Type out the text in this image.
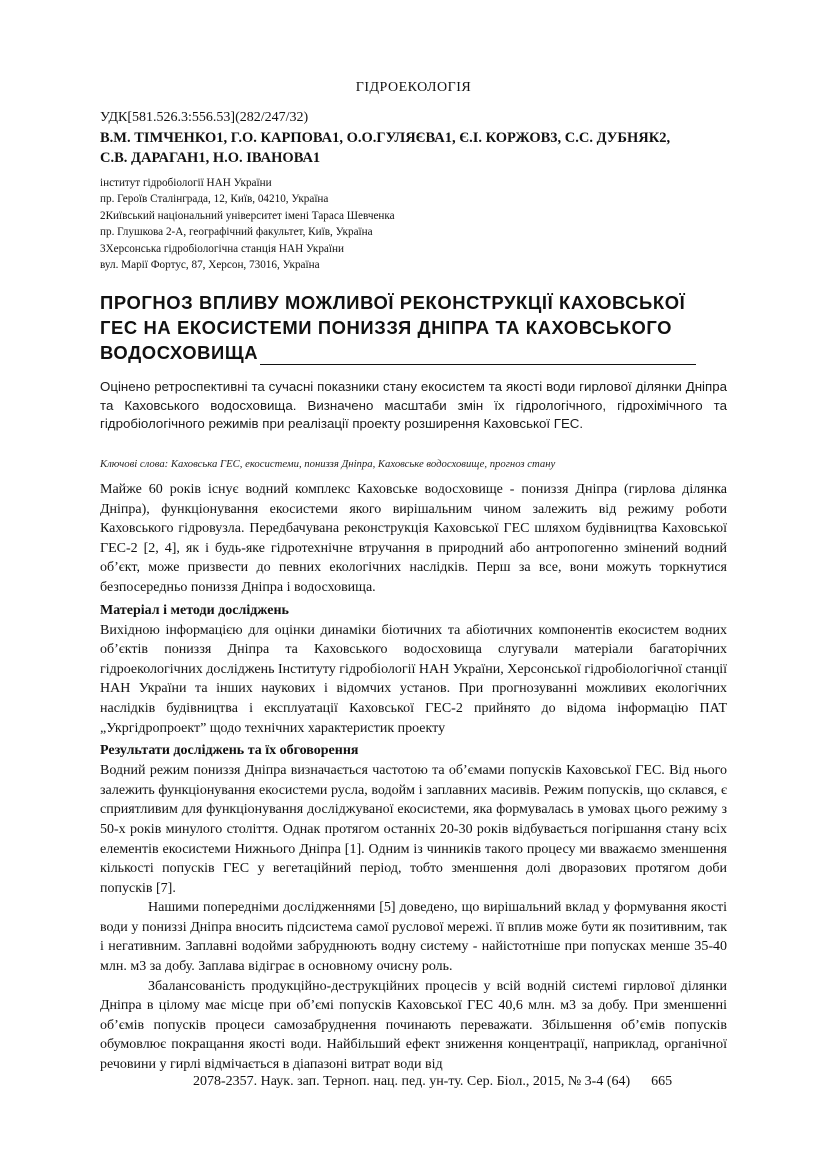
ГІДРОЕКОЛОГІЯ
УДК[581.526.3:556.53](282/247/32)
В.М. ТІМЧЕНКО1, Г.О. КАРПОВА1, О.О.ГУЛЯЄВА1, Є.І. КОРЖОВ3, С.С. ДУБНЯК2,
С.В. ДАРАГАН1, Н.О. ІВАНОВА1
інститут гідробіології НАН України
пр. Героїв Сталінграда, 12, Київ, 04210, Україна
2Київський національний університет імені Тараса Шевченка
пр. Глушкова 2-А, географічний факультет, Київ, Україна
3Херсонська гідробіологічна станція НАН України
вул. Марії Фортус, 87, Херсон, 73016, Україна
ПРОГНОЗ ВПЛИВУ МОЖЛИВОЇ РЕКОНСТРУКЦІЇ КАХОВСЬКОЇ
ГЕС НА ЕКОСИСТЕМИ ПОНИЗЗЯ ДНІПРА ТА КАХОВСЬКОГО
ВОДОСХОВИЩА
Оцінено ретроспективні та сучасні показники стану екосистем та якості води гирлової ділянки Дніпра та Каховського водосховища. Визначено масштаби змін їх гідрологічного, гідрохімічного та гідробіологічного режимів при реалізації проекту розширення Каховської ГЕС.
Ключові слова: Каховська ГЕС, екосистеми, пониззя Дніпра, Каховське водосховище, прогноз стану

Майже 60 років існує водний комплекс Каховське водосховище - пониззя Дніпра (гирлова ділянка Дніпра), функціонування екосистеми якого вирішальним чином залежить від режиму роботи Каховського гідровузла. Передбачувана реконструкція Каховської ГЕС шляхом будівництва Каховської ГЕС-2 [2, 4], як і будь-яке гідротехнічне втручання в природний або антропогенно змінений водний об’єкт, може призвести до певних екологічних наслідків. Перш за все, вони можуть торкнутися безпосередньо пониззя Дніпра і водосховища.

Матеріал і методи досліджень

Вихідною інформацією для оцінки динаміки біотичних та абіотичних компонентів екосистем водних об’єктів пониззя Дніпра та Каховського водосховища слугували матеріали багаторічних гідроекологічних досліджень Інституту гідробіології НАН України, Херсонської гідробіологічної станції НАН України та інших наукових і відомчих установ. При прогнозуванні можливих екологічних наслідків будівництва і експлуатації Каховської ГЕС-2 прийнято до відома інформацію ПАТ „Укргідропроект” щодо технічних характеристик проекту

Результати досліджень та їх обговорення

Водний режим пониззя Дніпра визначається частотою та об’ємами попусків Каховської ГЕС. Від нього залежить функціонування екосистеми русла, водойм і заплавних масивів. Режим попусків, що склався, є сприятливим для функціонування досліджуваної екосистеми, яка формувалась в умовах цього режиму з 50-х років минулого століття. Однак протягом останніх 20-30 років відбувається погіршання стану всіх елементів екосистеми Нижнього Дніпра [1]. Одним із чинників такого процесу ми вважаємо зменшення кількості попусків ГЕС у вегетаційний період, тобто зменшення долі дворазових протягом доби попусків [7].

Нашими попередніми дослідженнями [5] доведено, що вирішальний вклад у формування якості води у пониззі Дніпра вносить підсистема самої руслової мережі. її вплив може бути як позитивним, так і негативним. Заплавні водойми забруднюють водну систему - найістотніше при попусках менше 35-40 млн. м3 за добу. Заплава відіграє в основному очисну роль.

Збалансованість продукційно-деструкційних процесів у всій водній системі гирлової ділянки Дніпра в цілому має місце при об’ємі попусків Каховської ГЕС 40,6 млн. м3 за добу. При зменшенні об’ємів попусків процеси самозабруднення починають переважати. Збільшення об’ємів попусків обумовлює покращання якості води. Найбільший ефект зниження концентрації, наприклад, органічної речовини у гирлі відмічається в діапазоні витрат води від

2078-2357. Наук. зап. Терноп. нац. пед. ун-ту. Сер. Біол., 2015, № 3-4 (64)      665
